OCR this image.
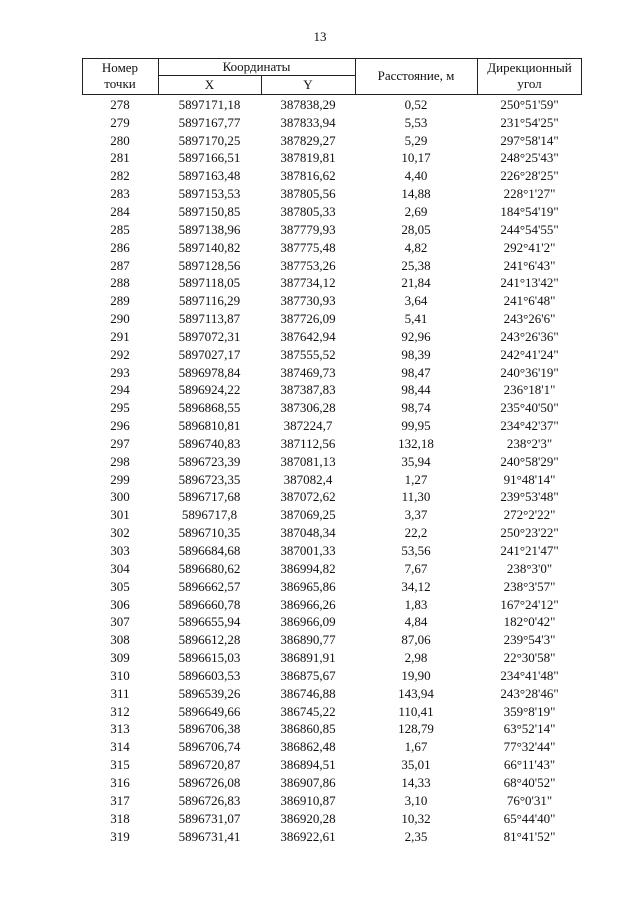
13
Номер
точки
Координаты
X	Y
Расстояние, м
Дирекционный
угол
278	5897171,18	387838,29	0,52	250°51'59"
279	5897167,77	387833,94	5,53	231°54'25"
280	5897170,25	387829,27	5,29	297°58'14"
281	5897166,51	387819,81	10,17	248°25'43"
282	5897163,48	387816,62	4,40	226°28'25"
283	5897153,53	387805,56	14,88	228°1'27"
284	5897150,85	387805,33	2,69	184°54'19"
285	5897138,96	387779,93	28,05	244°54'55"
286	5897140,82	387775,48	4,82	292°41'2"
287	5897128,56	387753,26	25,38	241°6'43"
288	5897118,05	387734,12	21,84	241°13'42"
289	5897116,29	387730,93	3,64	241°6'48"
290	5897113,87	387726,09	5,41	243°26'6"
291	5897072,31	387642,94	92,96	243°26'36"
292	5897027,17	387555,52	98,39	242°41'24"
293	5896978,84	387469,73	98,47	240°36'19"
294	5896924,22	387387,83	98,44	236°18'1"
295	5896868,55	387306,28	98,74	235°40'50"
296	5896810,81	387224,7	99,95	234°42'37"
297	5896740,83	387112,56	132,18	238°2'3"
298	5896723,39	387081,13	35,94	240°58'29"
299	5896723,35	387082,4	1,27	91°48'14"
300	5896717,68	387072,62	11,30	239°53'48"
301	5896717,8	387069,25	3,37	272°2'22"
302	5896710,35	387048,34	22,2	250°23'22"
303	5896684,68	387001,33	53,56	241°21'47"
304	5896680,62	386994,82	7,67	238°3'0"
305	5896662,57	386965,86	34,12	238°3'57"
306	5896660,78	386966,26	1,83	167°24'12"
307	5896655,94	386966,09	4,84	182°0'42"
308	5896612,28	386890,77	87,06	239°54'3"
309	5896615,03	386891,91	2,98	22°30'58"
310	5896603,53	386875,67	19,90	234°41'48"
311	5896539,26	386746,88	143,94	243°28'46"
312	5896649,66	386745,22	110,41	359°8'19"
313	5896706,38	386860,85	128,79	63°52'14"
314	5896706,74	386862,48	1,67	77°32'44"
315	5896720,87	386894,51	35,01	66°11'43"
316	5896726,08	386907,86	14,33	68°40'52"
317	5896726,83	386910,87	3,10	76°0'31"
318	5896731,07	386920,28	10,32	65°44'40"
319	5896731,41	386922,61	2,35	81°41'52"
